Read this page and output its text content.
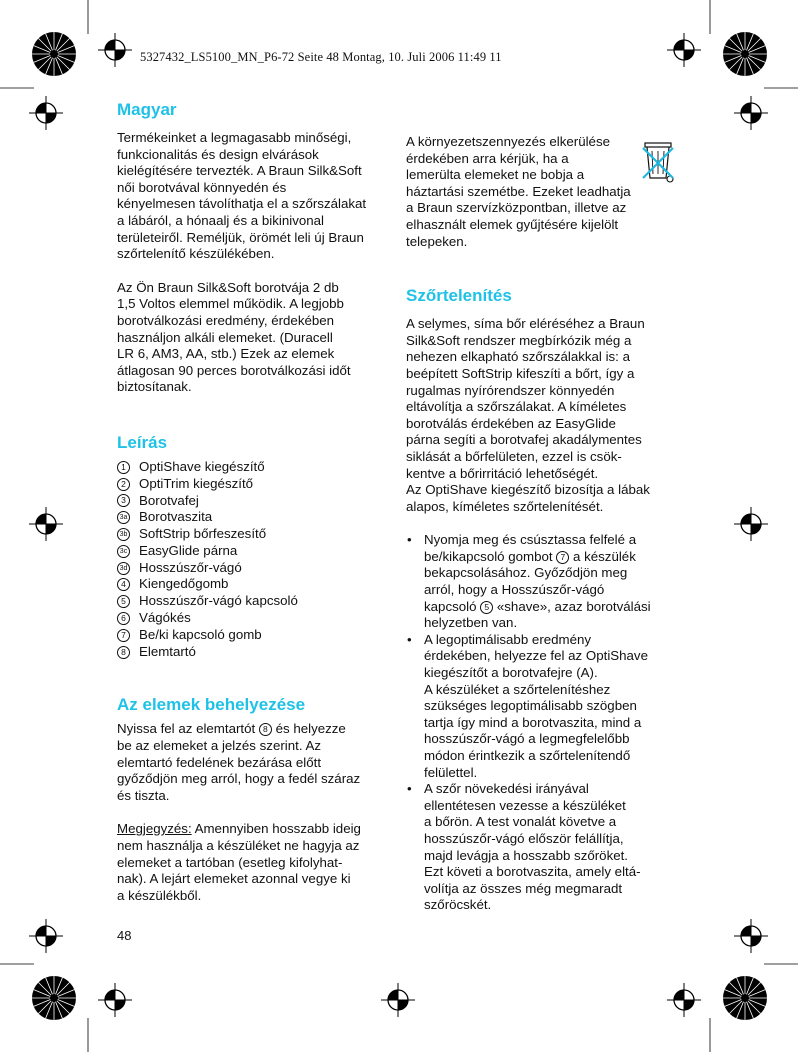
5327432_LS5100_MN_P6-72 Seite 48 Montag, 10. Juli 2006 11:49 11
Magyar

Termékeinket a legmagasabb minőségi,
funkcionalitás és design elvárások
kielégítésére tervezték. A Braun Silk&Soft
női borotvával könnyedén és
kényelmesen távolíthatja el a szőrszálakat
a lábáról, a hónaalj és a bikinivonal
területeiről. Reméljük, örömét leli új Braun
szőrtelenítő készülékében.

Az Ön Braun Silk&Soft borotvája 2 db
1,5 Voltos elemmel működik. A legjobb
borotválkozási eredmény, érdekében
használjon alkáli elemeket. (Duracell
LR 6, AM3, AA, stb.) Ezek az elemek
átlagosan 90 perces borotválkozási időt
biztosítanak.

Leírás
1 OptiShave kiegészítő
2 OptiTrim kiegészítő
3 Borotvafej
3a Borotvaszita
3b SoftStrip bőrfeszesítő
3c EasyGlide párna
3d Hosszúszőr-vágó
4 Kiengedőgomb
5 Hosszúszőr-vágó kapcsoló
6 Vágókés
7 Be/ki kapcsoló gomb
8 Elemtartó
Az elemek behelyezése

Nyissa fel az elemtartót 8 és helyezze
be az elemeket a jelzés szerint. Az
elemtartó fedelének bezárása előtt
győződjön meg arról, hogy a fedél száraz
és tiszta.

Megjegyzés: Amennyiben hosszabb ideig
nem használja a készüléket ne hagyja az
elemeket a tartóban (esetleg kifolyhat-
nak). A lejárt elemeket azonnal vegye ki
a készülékből.

48

A környezetszennyezés elkerülése
érdekében arra kérjük, ha a
lemerülta elemeket ne bobja a
háztartási szemétbe. Ezeket leadhatja
a Braun szervízközpontban, illetve az
elhasznált elemek gyűjtésére kijelölt
telepeken.

Szőrtelenítés

A selymes, síma bőr eléréséhez a Braun
Silk&Soft rendszer megbírkózik még a
nehezen elkapható szőrszálakkal is: a
beépített SoftStrip kifeszíti a bőrt, így a
rugalmas nyírórendszer könnyedén
eltávolítja a szőrszálakat. A kíméletes
borotválás érdekében az EasyGlide
párna segíti a borotvafej akadálymentes
siklását a bőrfelületen, ezzel is csök-
kentve a bőrirritáció lehetőségét.
Az OptiShave kiegészítő bizosítja a lábak
alapos, kíméletes szőrtelenítését.

• Nyomja meg és csúsztassa felfelé a
be/kikapcsoló gombot 7 a készülék
bekapcsolásához. Győződjön meg
arról, hogy a Hosszúszőr-vágó
kapcsoló 5 «shave», azaz borotválási
helyzetben van.
• A legoptimálisabb eredmény
érdekében, helyezze fel az OptiShave
kiegészítőt a borotvafejre (A).
A készüléket a szőrtelenítéshez
szükséges legoptimálisabb szögben
tartja így mind a borotvaszita, mind a
hosszúszőr-vágó a legmegfelelőbb
módon érintkezik a szőrtelenítendő
felülettel.
• A szőr növekedési irányával
ellentétesen vezesse a készüléket
a bőrön. A test vonalát követve a
hosszúszőr-vágó először felállítja,
majd levágja a hosszabb szőröket.
Ezt követi a borotvaszita, amely eltá-
volítja az összes még megmaradt
szőröcskét.
